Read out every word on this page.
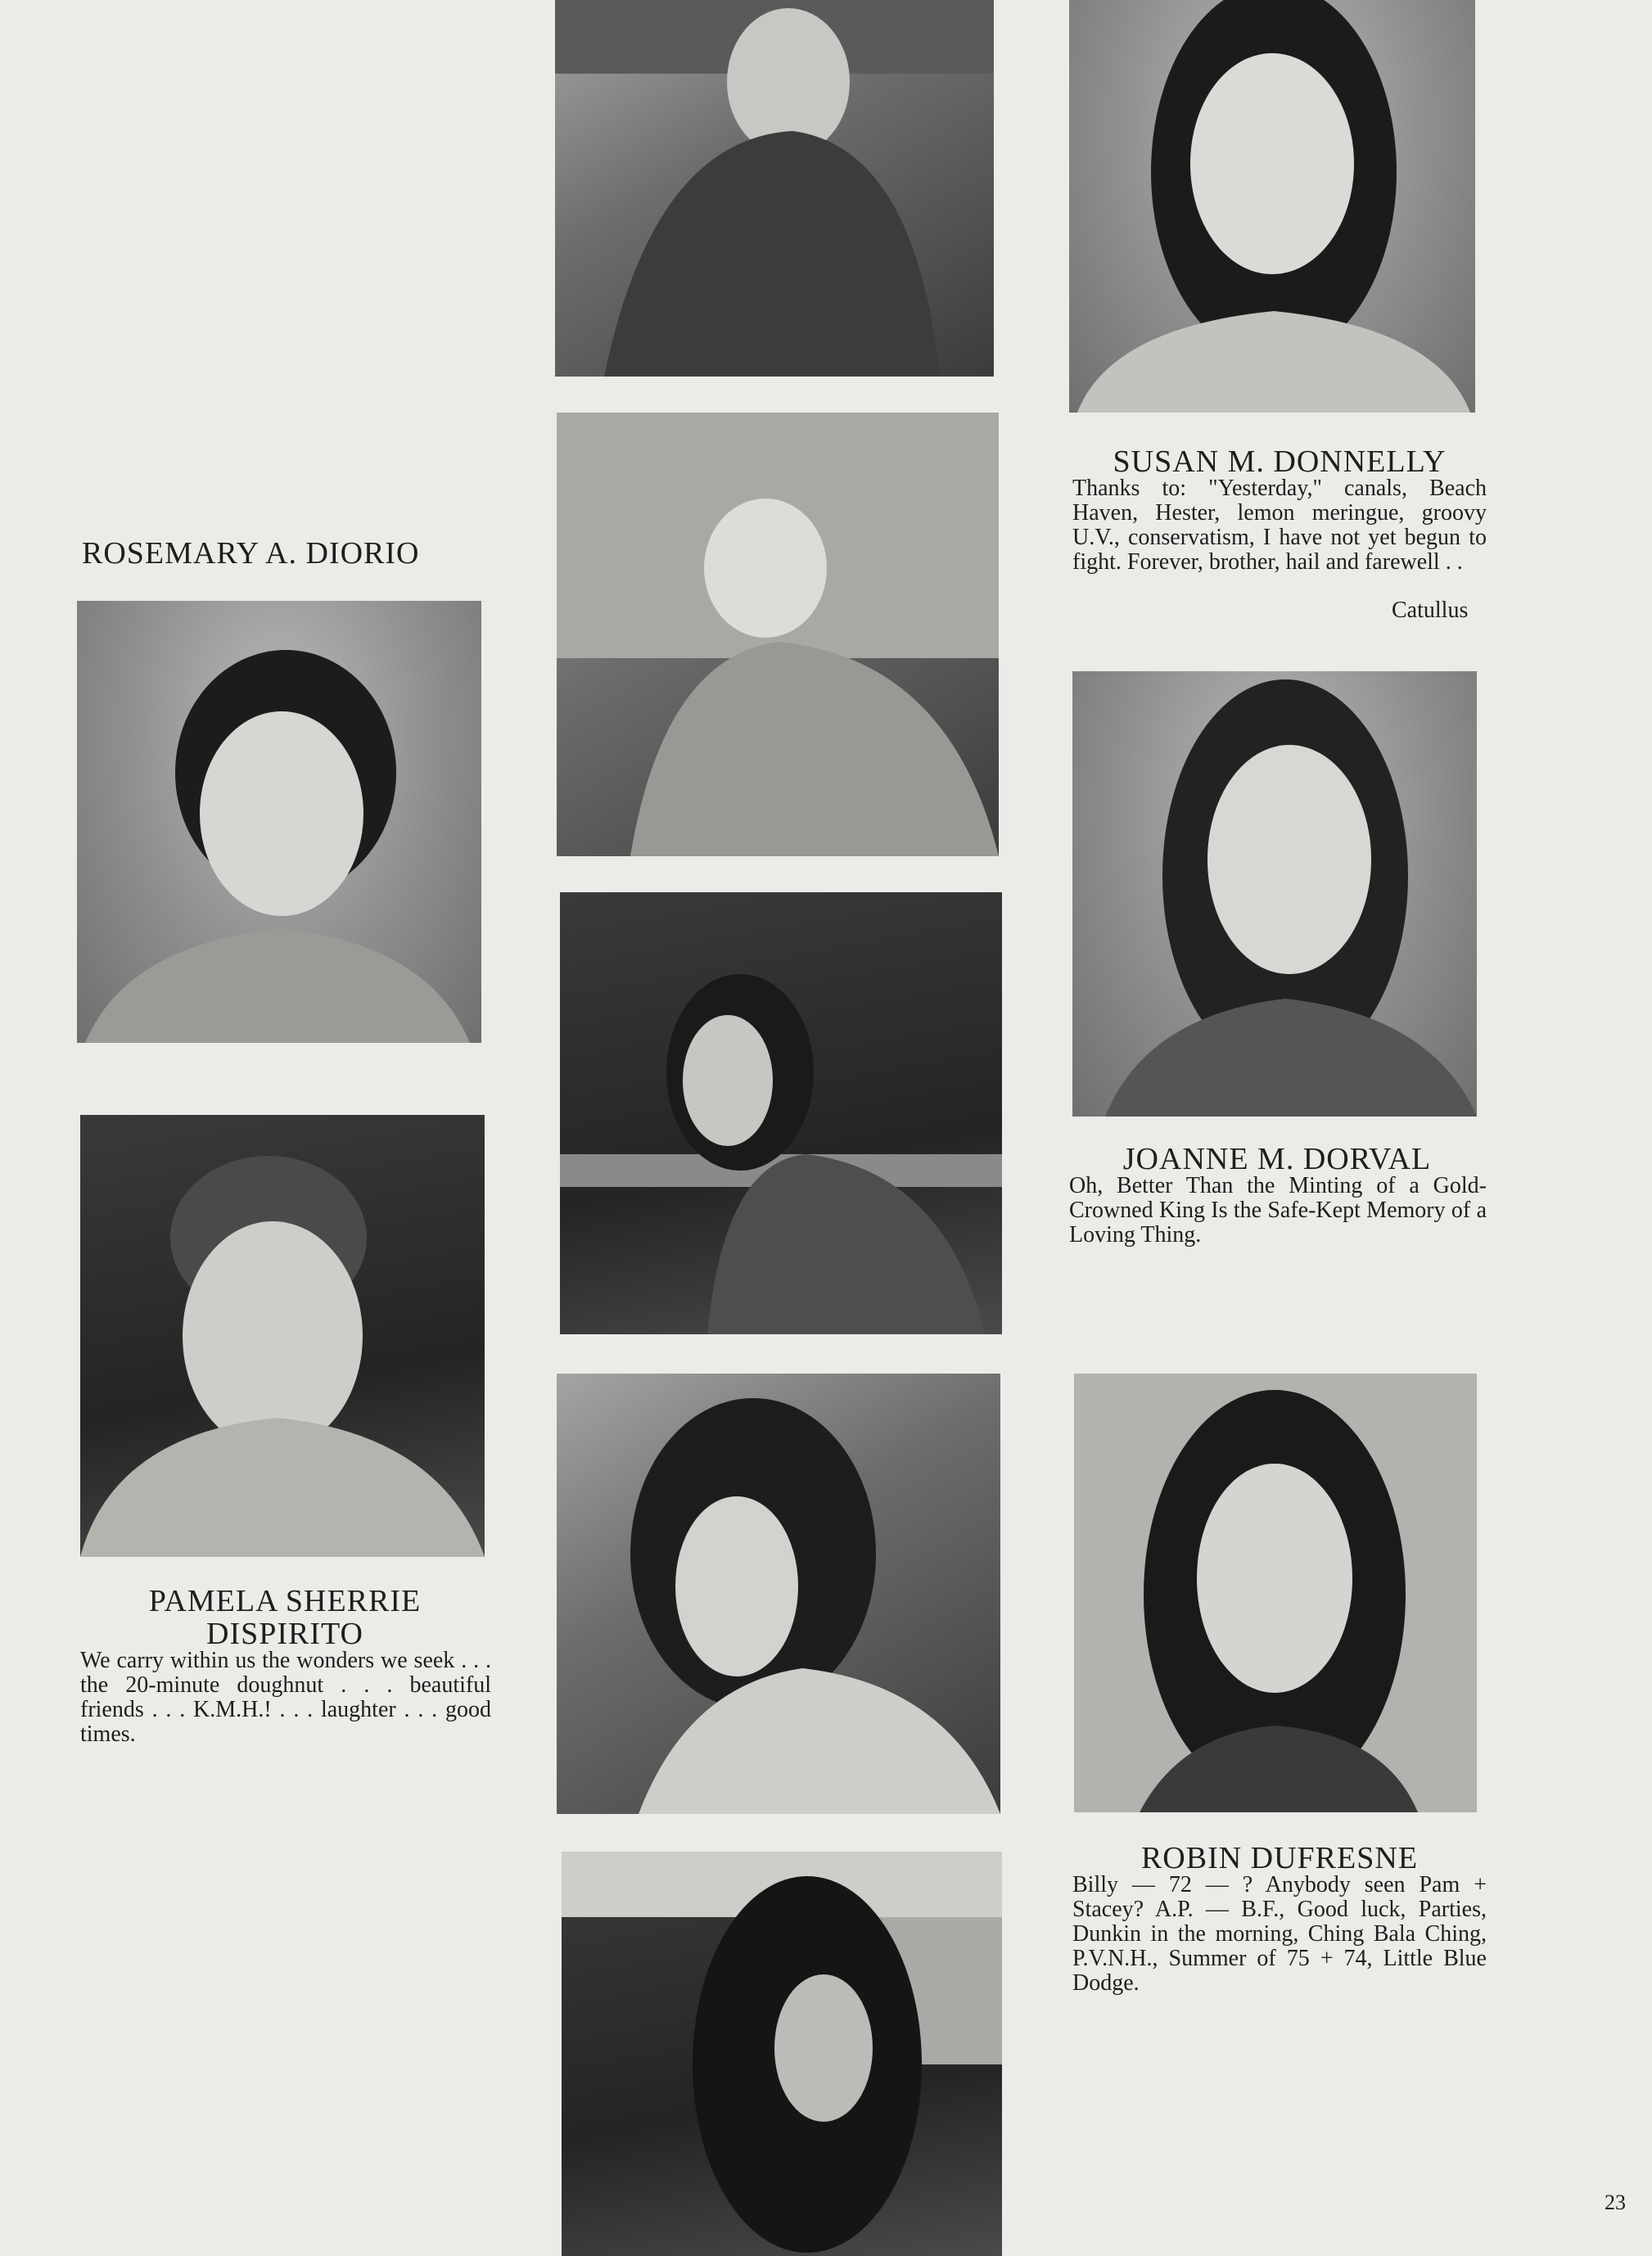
ROSEMARY A. DIORIO
PAMELA SHERRIE
DISPIRITO
We carry within us the wonders we seek . . . the 20-minute doughnut . . . beautiful friends . . . K.M.H.! . . . laughter . . . good times.
SUSAN M. DONNELLY
Thanks to: "Yesterday," canals, Beach Haven, Hester, lemon meringue, groovy U.V., conservatism, I have not yet begun to fight. Forever, brother, hail and farewell . .
Catullus
JOANNE M. DORVAL
Oh, Better Than the Minting of a Gold-Crowned King Is the Safe-Kept Memory of a Loving Thing.
ROBIN DUFRESNE
Billy — 72 — ? Anybody seen Pam + Stacey? A.P. — B.F., Good luck, Parties, Dunkin in the morning, Ching Bala Ching, P.V.N.H., Summer of 75 + 74, Little Blue Dodge.
23
